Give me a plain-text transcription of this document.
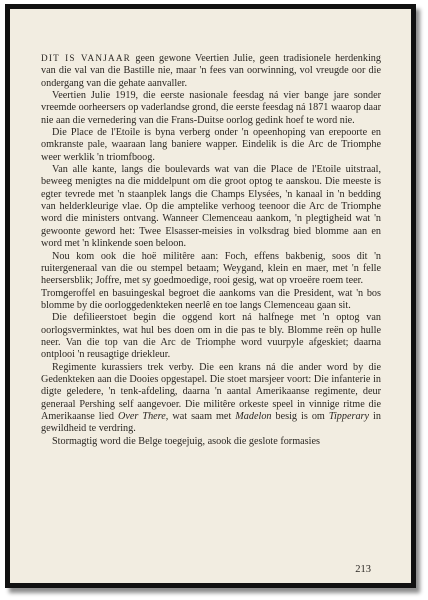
DIT IS VANJAAR geen gewone Veertien Julie, geen tradisionele herdenking van die val van die Bastille nie, maar 'n fees van oorwinning, vol vreugde oor die ondergang van die gehate aanvaller.

Veertien Julie 1919, die eerste nasionale feesdag ná vier bange jare sonder vreemde oorheersers op vaderlandse grond, die eerste feesdag ná 1871 waarop daar nie aan die vernedering van die Frans-Duitse oorlog gedink hoef te word nie.

Die Place de l'Etoile is byna verberg onder 'n opeenhoping van erepoorte en omkranste pale, waaraan lang baniere wapper. Eindelik is die Arc de Triomphe weer werklik 'n triomfboog.

Van alle kante, langs die boulevards wat van die Place de l'Etoile uitstraal, beweeg menigtes na die middelpunt om die groot optog te aanskou. Die meeste is egter tevrede met 'n staanplek langs die Champs Elysées, 'n kanaal in 'n bedding van helderkleurige vlae. Op die amptelike verhoog teenoor die Arc de Triomphe word die ministers ontvang. Wanneer Clemenceau aankom, 'n plegtigheid wat 'n gewoonte geword het: Twee Elsasser-meisies in volksdrag bied blomme aan en word met 'n klinkende soen beloon.

Nou kom ook die hoë militêre aan: Foch, effens bakbenig, soos dit 'n ruitergeneraal van die ou stempel betaam; Weygand, klein en maer, met 'n felle heersersblik; Joffre, met sy goedmoedige, rooi gesig, wat op vroeëre roem teer.

Tromgeroffel en basuingeskal begroet die aankoms van die President, wat 'n bos blomme by die oorloggedenkteken neerlê en toe langs Clemenceau gaan sit.

Die defilieerstoet begin die oggend kort ná halfnege met 'n optog van oorlogsverminktes, wat hul bes doen om in die pas te bly. Blomme reën op hulle neer. Van die top van die Arc de Triomphe word vuurpyle afgeskiet; daarna ontplooi 'n reusagtige driekleur.

Regimente kurassiers trek verby. Die een krans ná die ander word by die Gedenkteken aan die Dooies opgestapel. Die stoet marsjeer voort: Die infanterie in digte geledere, 'n tenk-afdeling, daarna 'n aantal Amerikaanse regimente, deur generaal Pershing self aangevoer. Die militêre orkeste speel in vinnige ritme die Amerikaanse lied Over There, wat saam met Madelon besig is om Tipperary in gewildheid te verdring.

Stormagtig word die Belge toegejuig, asook die geslote formasies

213
